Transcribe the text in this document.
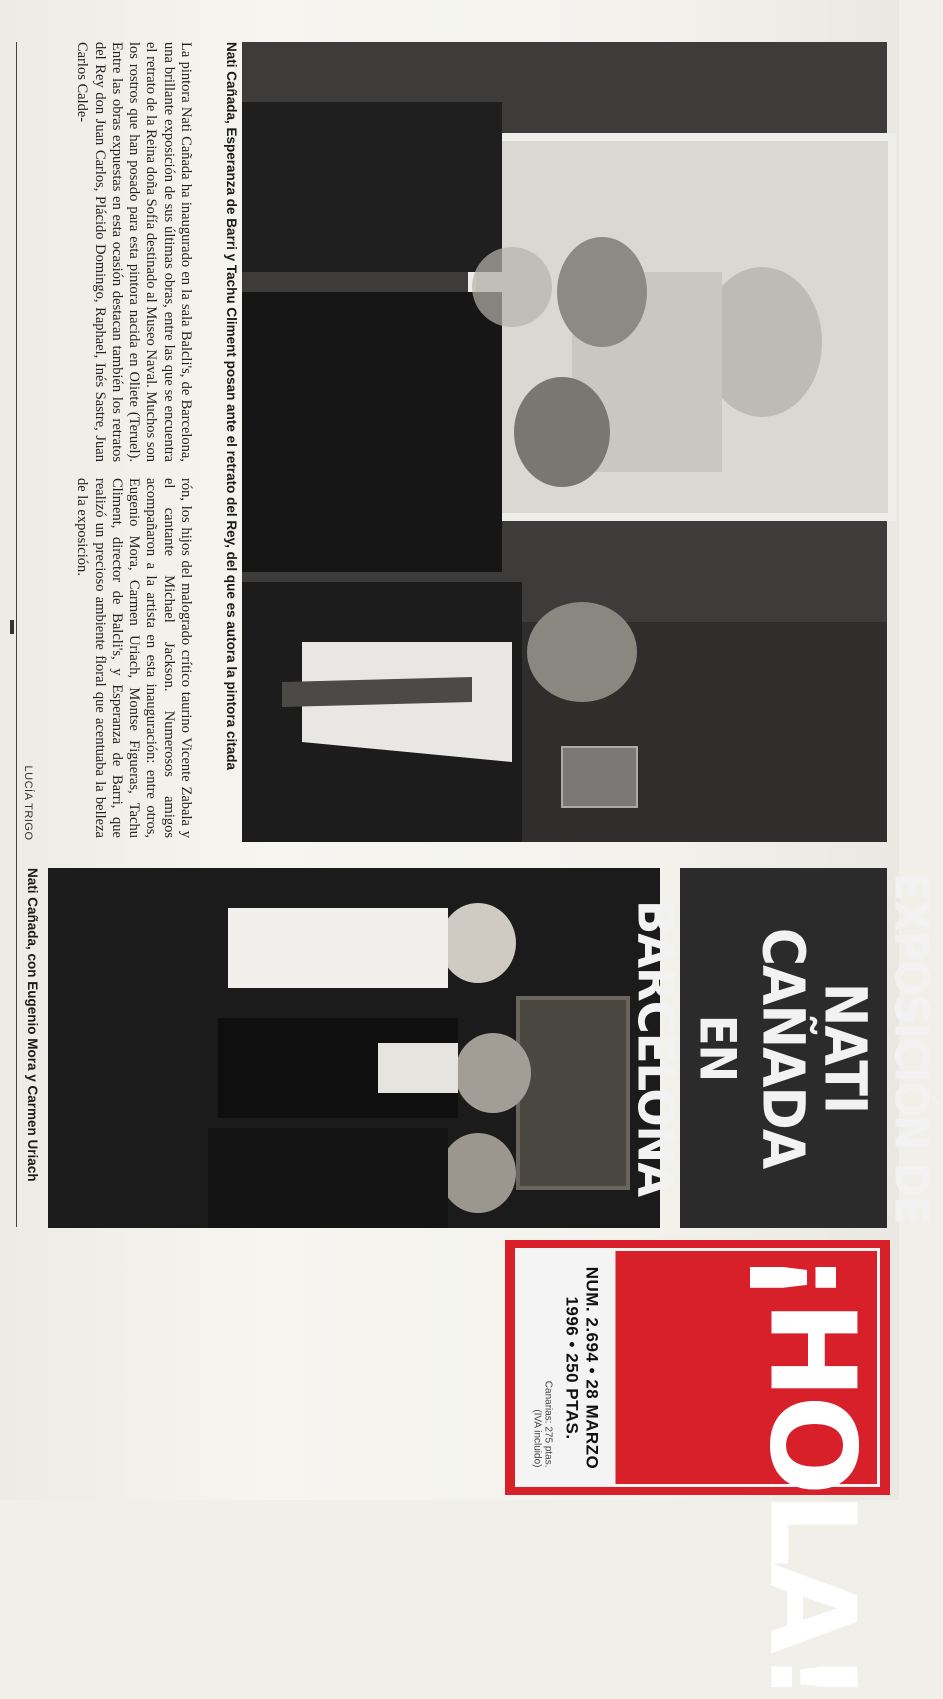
EXPOSICIÓN DE
NATI CAÑADA
EN BARCELONA
Nati Cañada, Esperanza de Barri y Tachu Climent posan ante el retrato del Rey, del que es autora la pintora citada
La pintora Nati Cañada ha inaugurado en la sala Balcli's, de Barcelona, una brillante exposición de sus últimas obras, entre las que se encuentra el retrato de la Reina doña Sofía destinado al Museo Naval. Muchos son los rostros que han posado para esta pintora nacida en Oliete (Teruel). Entre las obras expuestas en esta ocasión destacan también los retratos del Rey don Juan Carlos, Plácido Domingo, Raphael, Inés Sastre, Juan Carlos Calde-
rón, los hijos del malogrado crítico taurino Vicente Zabala y el cantante Michael Jackson. Numerosos amigos acompañaron a la artista en esta inauguración: entre otros, Eugenio Mora, Carmen Uriach, Montse Figueras, Tachu Climent, director de Balcli's, y Esperanza de Barri, que realizó un precioso ambiente floral que acentuaba la belleza de la exposición.
LUCÍA TRIGO
Nati Cañada, con Eugenio Mora y Carmen Uriach
¡HOLA!
NUM. 2.694 • 28 MARZO 1996 • 250 PTAS.
Canarias: 275 ptas.
(IVA incluido)
